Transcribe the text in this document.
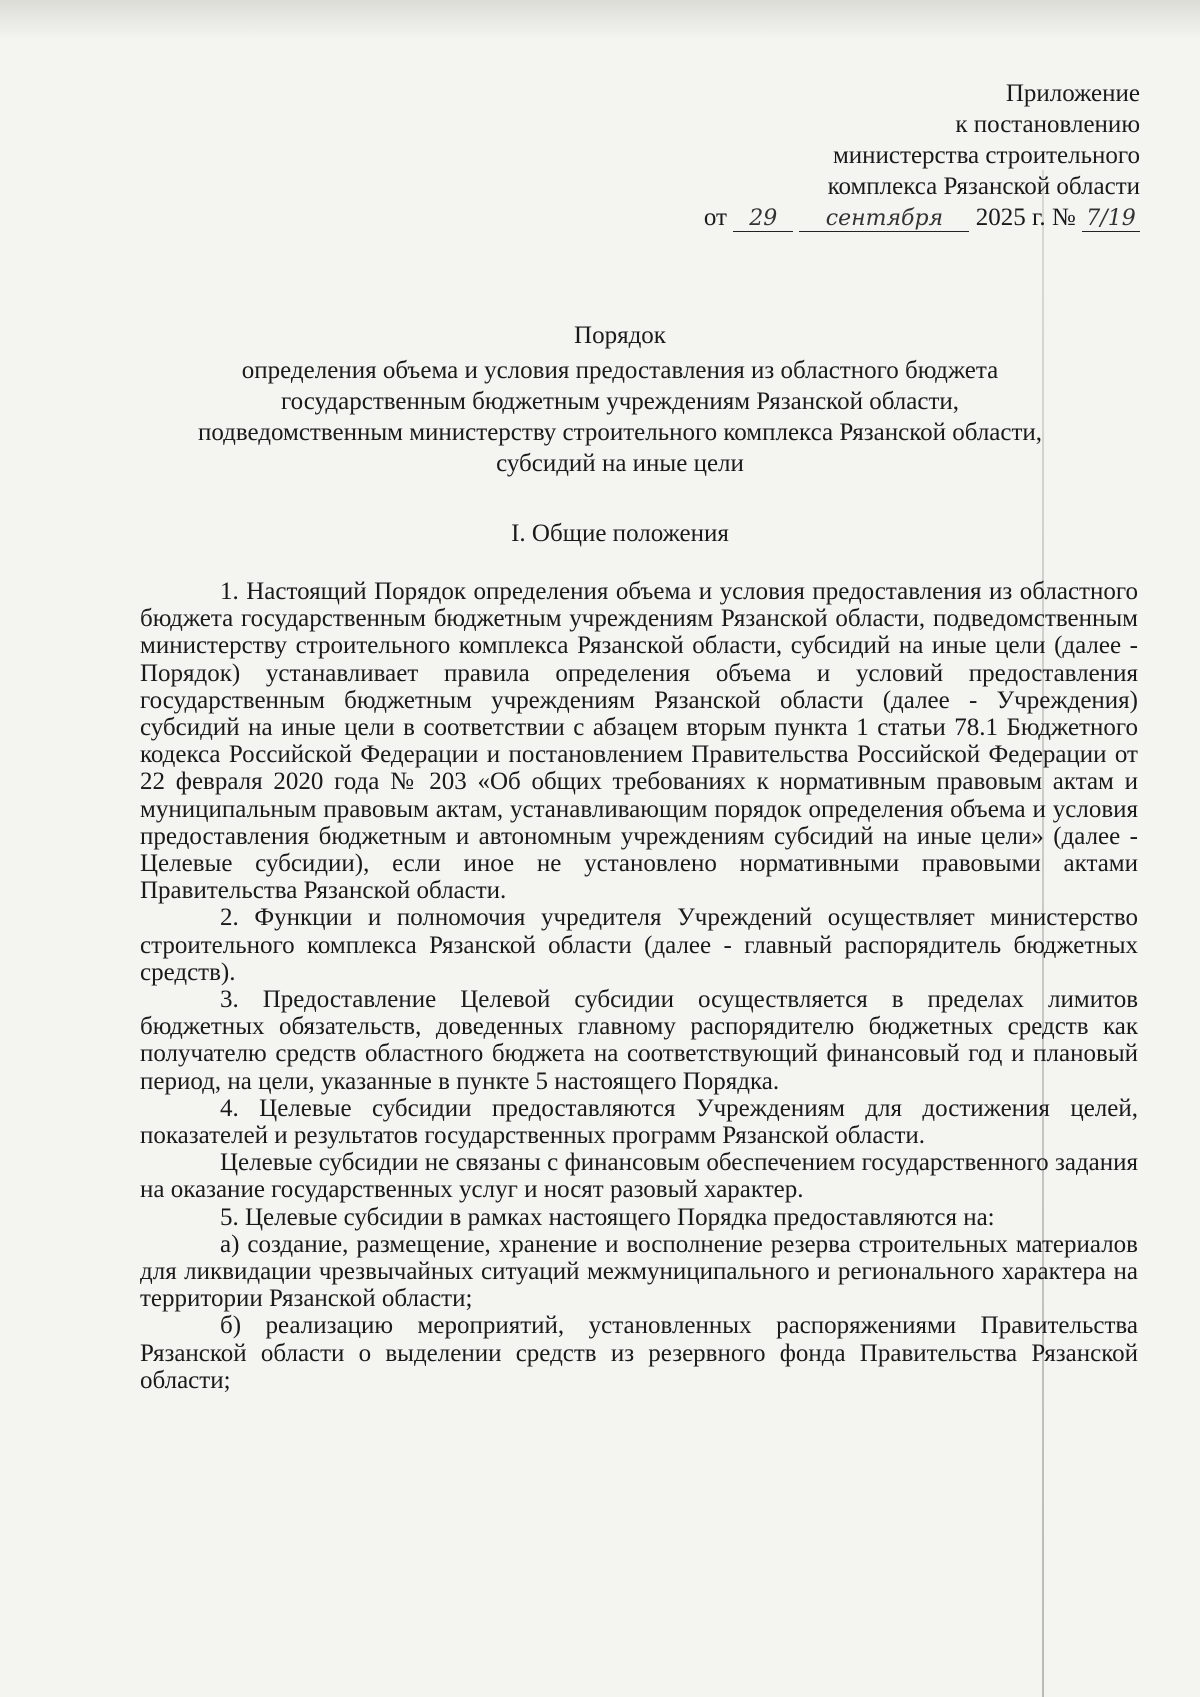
Приложение
к постановлению
министерства строительного
комплекса Рязанской области
от 29 сентября 2025 г. № 7/19
Порядок
определения объема и условия предоставления из областного бюджета
государственным бюджетным учреждениям Рязанской области,
подведомственным министерству строительного комплекса Рязанской области,
субсидий на иные цели
I. Общие положения

1. Настоящий Порядок определения объема и условия предоставления из областного бюджета государственным бюджетным учреждениям Рязанской области, подведомственным министерству строительного комплекса Рязанской области, субсидий на иные цели (далее - Порядок) устанавливает правила определения объема и условий предоставления государственным бюджетным учреждениям Рязанской области (далее - Учреждения) субсидий на иные цели в соответствии с абзацем вторым пункта 1 статьи 78.1 Бюджетного кодекса Российской Федерации и постановлением Правительства Российской Федерации от 22 февраля 2020 года № 203 «Об общих требованиях к нормативным правовым актам и муниципальным правовым актам, устанавливающим порядок определения объема и условия предоставления бюджетным и автономным учреждениям субсидий на иные цели» (далее - Целевые субсидии), если иное не установлено нормативными правовыми актами Правительства Рязанской области.

2. Функции и полномочия учредителя Учреждений осуществляет министерство строительного комплекса Рязанской области (далее - главный распорядитель бюджетных средств).

3. Предоставление Целевой субсидии осуществляется в пределах лимитов бюджетных обязательств, доведенных главному распорядителю бюджетных средств как получателю средств областного бюджета на соответствующий финансовый год и плановый период, на цели, указанные в пункте 5 настоящего Порядка.

4. Целевые субсидии предоставляются Учреждениям для достижения целей, показателей и результатов государственных программ Рязанской области.

Целевые субсидии не связаны с финансовым обеспечением государственного задания на оказание государственных услуг и носят разовый характер.

5. Целевые субсидии в рамках настоящего Порядка предоставляются на:

а) создание, размещение, хранение и восполнение резерва строительных материалов для ликвидации чрезвычайных ситуаций межмуниципального и регионального характера на территории Рязанской области;

б) реализацию мероприятий, установленных распоряжениями Правительства Рязанской области о выделении средств из резервного фонда Правительства Рязанской области;
